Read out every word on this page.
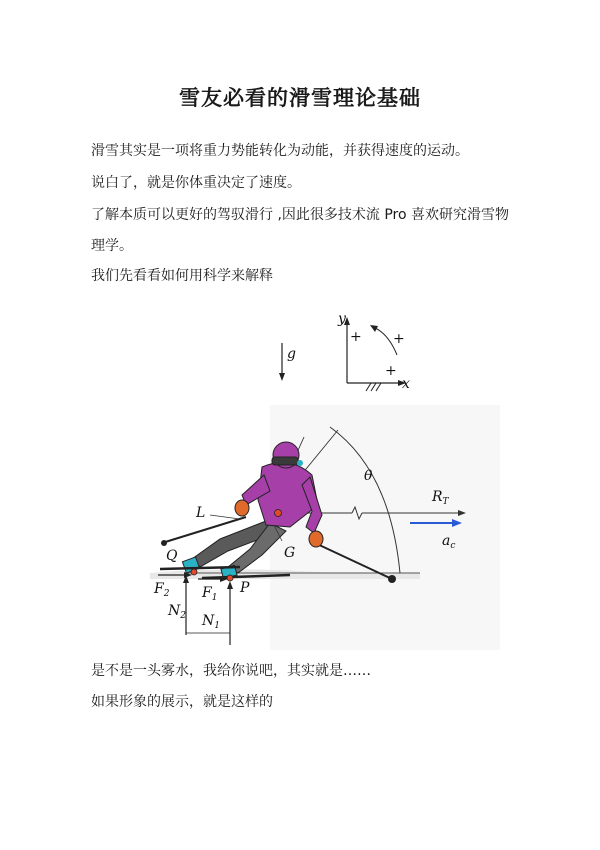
雪友必看的滑雪理论基础

滑雪其实是一项将重力势能转化为动能，并获得速度的运动。

说白了，就是你体重决定了速度。

了解本质可以更好的驾驭滑行 ,因此很多技术流 Pro 喜欢研究滑雪物

理学。

我们先看看如何用科学来解释

y
x
+ +
+
g
θ
$R_T$
$a_c$
L
G
Q
P
$F_2$ $F_1$
$N_2$ $N_1$

是不是一头雾水，我给你说吧，其实就是……

如果形象的展示，就是这样的
